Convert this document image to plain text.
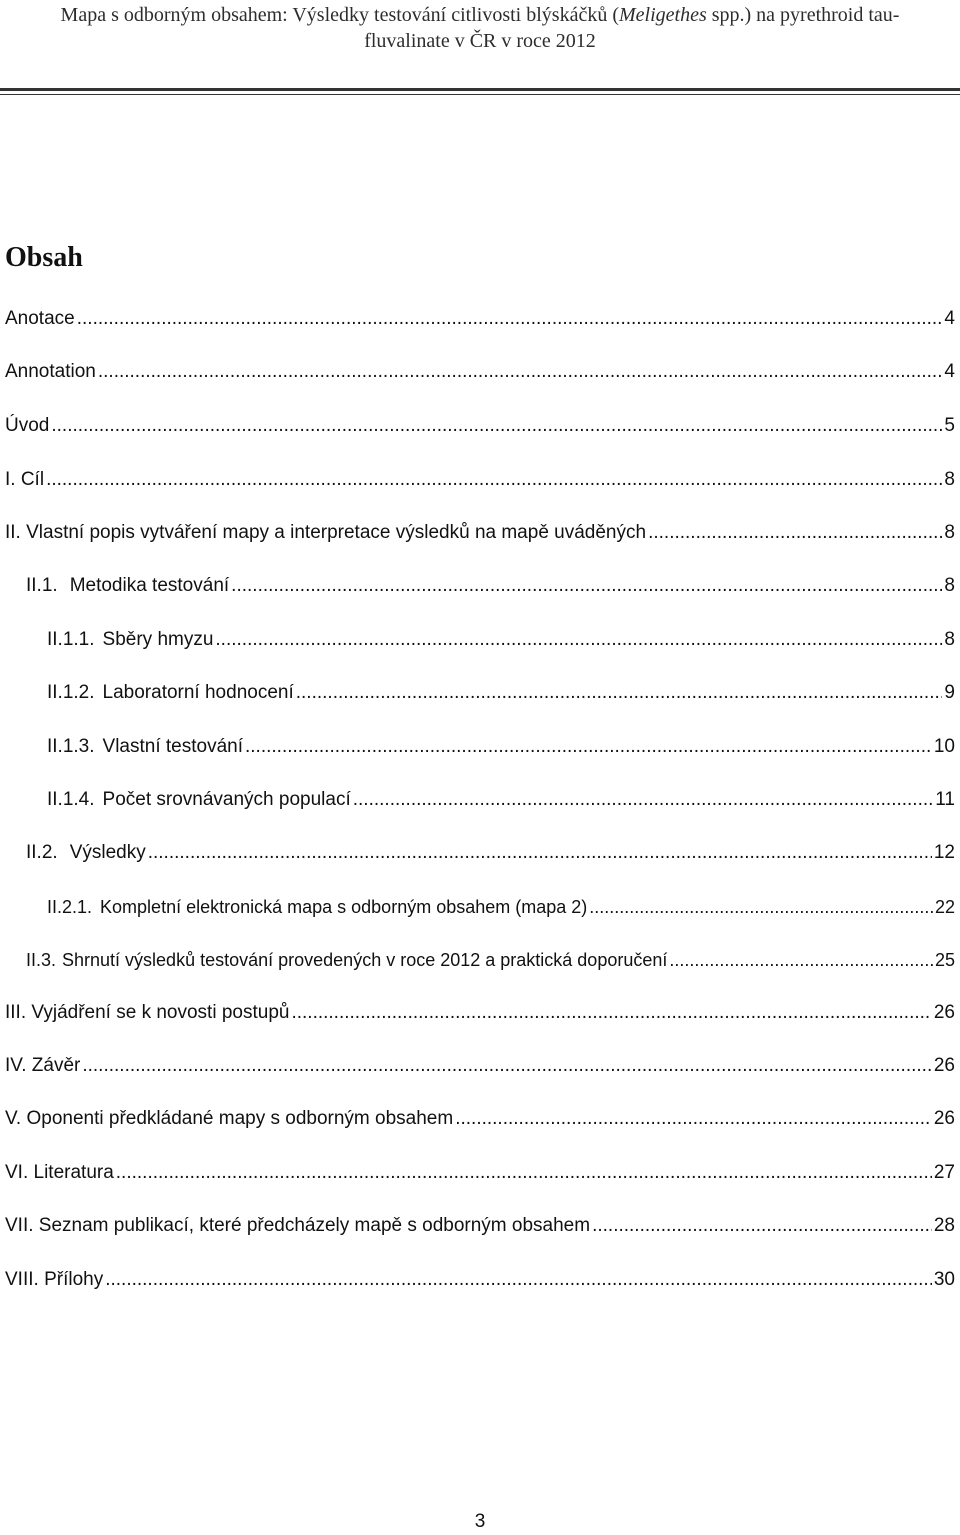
Mapa s odborným obsahem: Výsledky testování citlivosti blýskáčků (Meligethes spp.) na pyrethroid tau-
fluvalinate v ČR v roce 2012
Obsah
Anotace .....	4
Annotation .....	4
Úvod .....	5
I. Cíl .....	8
II. Vlastní popis vytváření mapy a interpretace výsledků na mapě uváděných .....	8
II.1. Metodika testování .....	8
II.1.1. Sběry hmyzu .....	8
II.1.2. Laboratorní hodnocení .....	9
II.1.3. Vlastní testování .....	10
II.1.4. Počet srovnávaných populací .....	11
II.2. Výsledky .....	12
II.2.1. Kompletní elektronická mapa s odborným obsahem (mapa 2) .....	22
II.3. Shrnutí výsledků testování provedených v roce 2012 a praktická doporučení .....	25
III. Vyjádření se k novosti postupů .....	26
IV. Závěr .....	26
V. Oponenti předkládané mapy s odborným obsahem .....	26
VI. Literatura .....	27
VII. Seznam publikací, které předcházely mapě s odborným obsahem .....	28
VIII. Přílohy .....	30
3
